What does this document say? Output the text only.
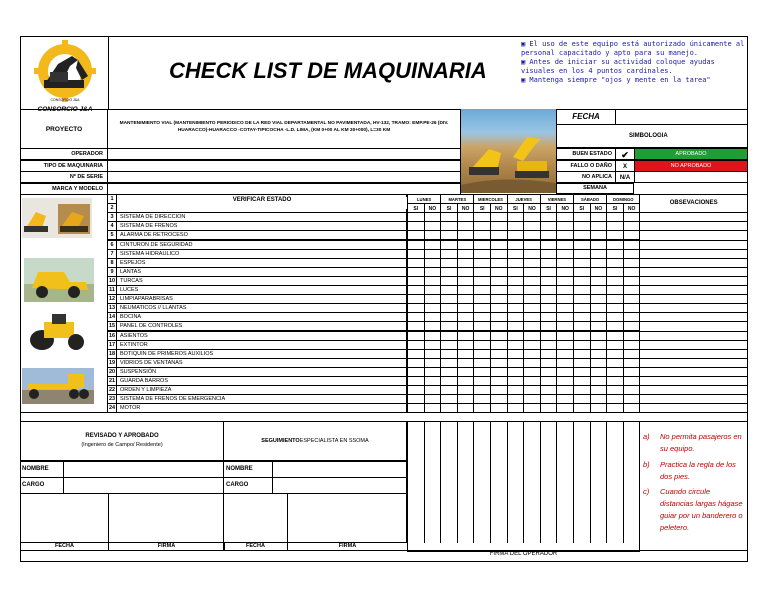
CONSORCIO J&A
CHECK LIST DE MAQUINARIA
▣ El uso de este equipo está autorizado únicamente al personal capacitado y apto para su manejo.
▣ Antes de iniciar su actividad coloque ayudas visuales en los 4 puntos cardinales.
▣ Mantenga siempre "ojos y mente en la tarea"
PROYECTO
MANTENIMIENTO VIAL (MANTENIMIENTO PERIODICO DE LA RED VIAL DEPARTAMENTAL NO PAVIMENTADA, HV-132, TRAMO: EMP.PE-26 (DIV. HUARACCO)-HUARACCO -COTAY-TIPICOCHA -L.D. LIMA, (KM 0+00 AL KM 30+000), L=30 KM
FECHA
SIMBOLOGIA
BUEN ESTADO	✔	APROBADO
FALLO O DAÑO	X	NO APROBADO
NO APLICA	N/A
OPERADOR
TIPO DE MAQUINARIA
Nº DE SERIE
MARCA Y MODELO	SEMANA
1
2
3	SISTEMA DE DIRECCION
4	SISTEMA DE FRENOS
5	ALARMA DE RETROCESO
6	CINTURON DE SEGURIDAD
7	SISTEMA HIDRAULICO
8	ESPEJOS
9	LANTAS
10 TURCAS
11 LUCES
12 LIMPIAPARABRISAS
13 NEUMATICOS // LLANTAS
14 BOCINA
15 PANEL DE CONTROLES
16 ASIENTOS
17 EXTINTOR
18 BOTIQUIN DE PRIMEROS AUXILIOS
19 VIDRIOS DE VENTANAS
20 SUSPENSIÓN
21 GUARDA BARROS
22 ORDEN Y LIMPIEZA
23 SISTEMA DE FRENOS DE EMERGENCIA
24 MOTOR
VERIFICAR ESTADO	LUNES
SI	NO
MARTES
SI	NO
MIERCOLES
SI	NO
JUEVES
SI	NO
VIERNES
SI	NO
SÁBADO
SI	NO
DOMINGO
SI	NO
OBSEVACIONES
REVISADO Y APROBADO
(Ingeniero de Campo/ Residente)
SEGUIMIENTOESPECIALISTA EN SSOMA
NOMBRE	NOMBRE
CARGO	CARGO
FECHA	FIRMA	FECHA	FIRMA
FIRMA DEL OPERADOR
a)	No permita pasajeros en su equipo.
b)	Practica la regla de los dos pies.
c)	Cuando circule distancias largas hágase guiar por un banderero o peletero.
